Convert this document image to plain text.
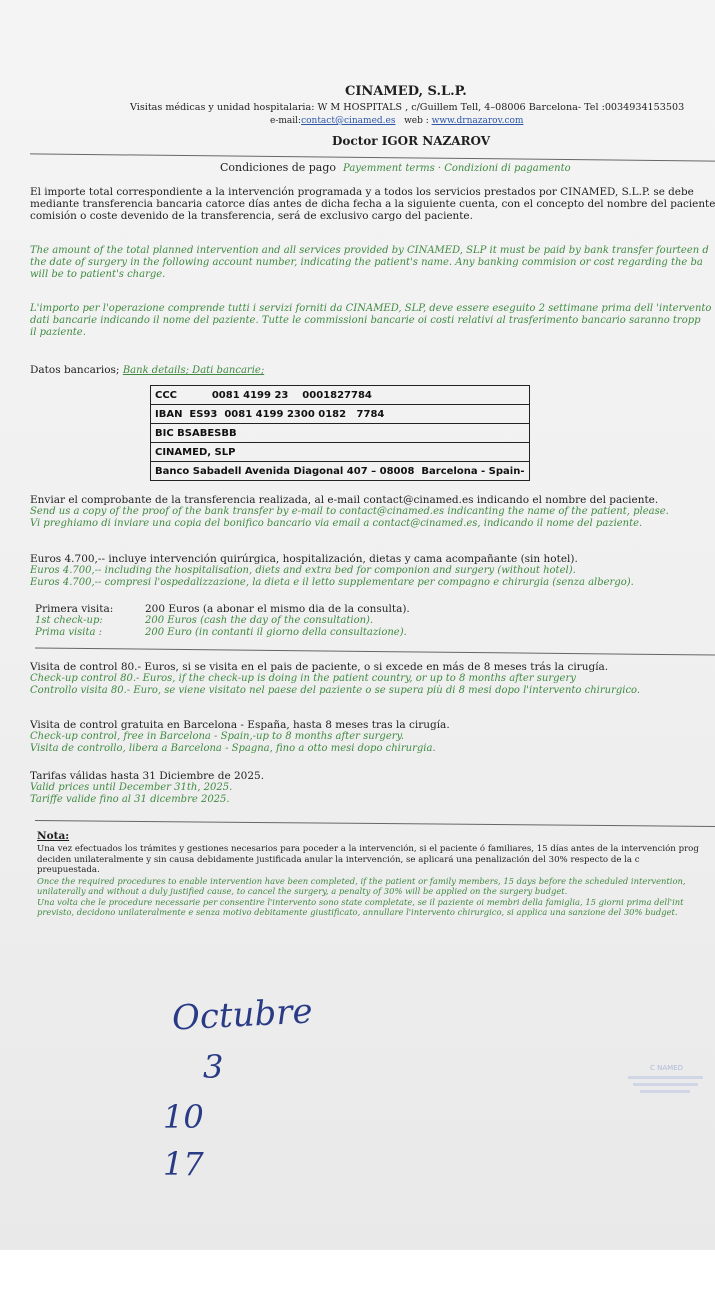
CINAMED, S.L.P.
Visitas médicas y unidad hospitalaria: W M HOSPITALS , c/Guillem Tell, 4–08006 Barcelona- Tel :0034934153503
e-mail:contact@cinamed.es web : www.drnazarov.com
Doctor IGOR NAZAROV
Condiciones de pago Payemment terms · Condizioni di pagamento
El importe total correspondiente a la intervención programada y a todos los servicios prestados por CINAMED, S.L.P. se debe
mediante transferencia bancaria catorce días antes de dicha fecha a la siguiente cuenta, con el concepto del nombre del paciente
comisión o coste devenido de la transferencia, será de exclusivo cargo del paciente.
The amount of the total planned intervention and all services provided by CINAMED, SLP it must be paid by bank transfer fourteen d
the date of surgery in the following account number, indicating the patient's name. Any banking commision or cost regarding the ba
will be to patient's charge.
L'importo per l'operazione comprende tutti i servizi forniti da CINAMED, SLP, deve essere eseguito 2 settimane prima dell 'intervento
dati bancarie indicando il nome del paziente. Tutte le commissioni bancarie oi costi relativi al trasferimento bancario saranno tropp
il paziente.
Datos bancarios; Bank details; Dati bancarie;
CCC          0081 4199 23    0001827784
IBAN  ES93  0081 4199 2300 0182   7784
BIC BSABESBB
CINAMED, SLP
Banco Sabadell Avenida Diagonal 407 – 08008  Barcelona - Spain-
Enviar el comprobante de la transferencia realizada, al e-mail contact@cinamed.es indicando el nombre del paciente.
Send us a copy of the proof of the bank transfer by e-mail to contact@cinamed.es indicanting the name of the patient, please.
Vi preghiamo di inviare una copia del bonifico bancario via email a contact@cinamed.es, indicando il nome del paziente.
Euros 4.700,-- incluye intervención quirúrgica, hospitalización, dietas y cama acompañante (sin hotel).
Euros 4.700,-- including the hospitalisation, diets and extra bed for componion and surgery (without hotel).
Euros 4.700,-- compresi l'ospedalizzazione, la dieta e il letto supplementare per compagno e chirurgia (senza albergo).
Primera visita:	200 Euros (a abonar el mismo dia de la consulta).
1st check-up:	200 Euros (cash the day of the consultation).
Prima visita :	200 Euro (in contanti il giorno della consultazione).
Visita de control 80.- Euros, si se visita en el pais de paciente, o si excede en más de 8 meses trás la cirugía.
Check-up control 80.- Euros, if the check-up is doing in the patient country, or up to 8 months after surgery
Controllo visita 80.- Euro, se viene visitato nel paese del paziente o se supera più di 8 mesi dopo l'intervento chirurgico.
Visita de control gratuita en Barcelona - España, hasta 8 meses tras la cirugía.
Check-up control, free in Barcelona - Spain,-up to 8 months after surgery.
Visita de controllo, libera a Barcelona - Spagna, fino a otto mesi dopo chirurgia.
Tarifas válidas hasta 31 Diciembre de 2025.
Valid prices until December 31th, 2025.
Tariffe valide fino al 31 dicembre 2025.
Nota:
Una vez efectuados los trámites y gestiones necesarios para poceder a la intervención, si el paciente ó familiares, 15 días antes de la intervención prog
deciden unilateralmente y sin causa debidamente justificada anular la intervención, se aplicará una penalización del 30% respecto de la c
preupuestada.
Once the required procedures to enable intervention have been completed, if the patient or family members, 15 days before the scheduled intervention,
unilaterally and without a duly justified cause, to cancel the surgery, a penalty of 30% will be applied on the surgery budget.
Una volta che le procedure necessarie per consentire l'intervento sono state completate, se il paziente oi membri della famiglia, 15 giorni prima dell'int
previsto, decidono unilateralmente e senza motivo debitamente giustificato, annullare l'intervento chirurgico, si applica una sanzione del 30% budget.
Octubre
3
10
17
C NAMED
